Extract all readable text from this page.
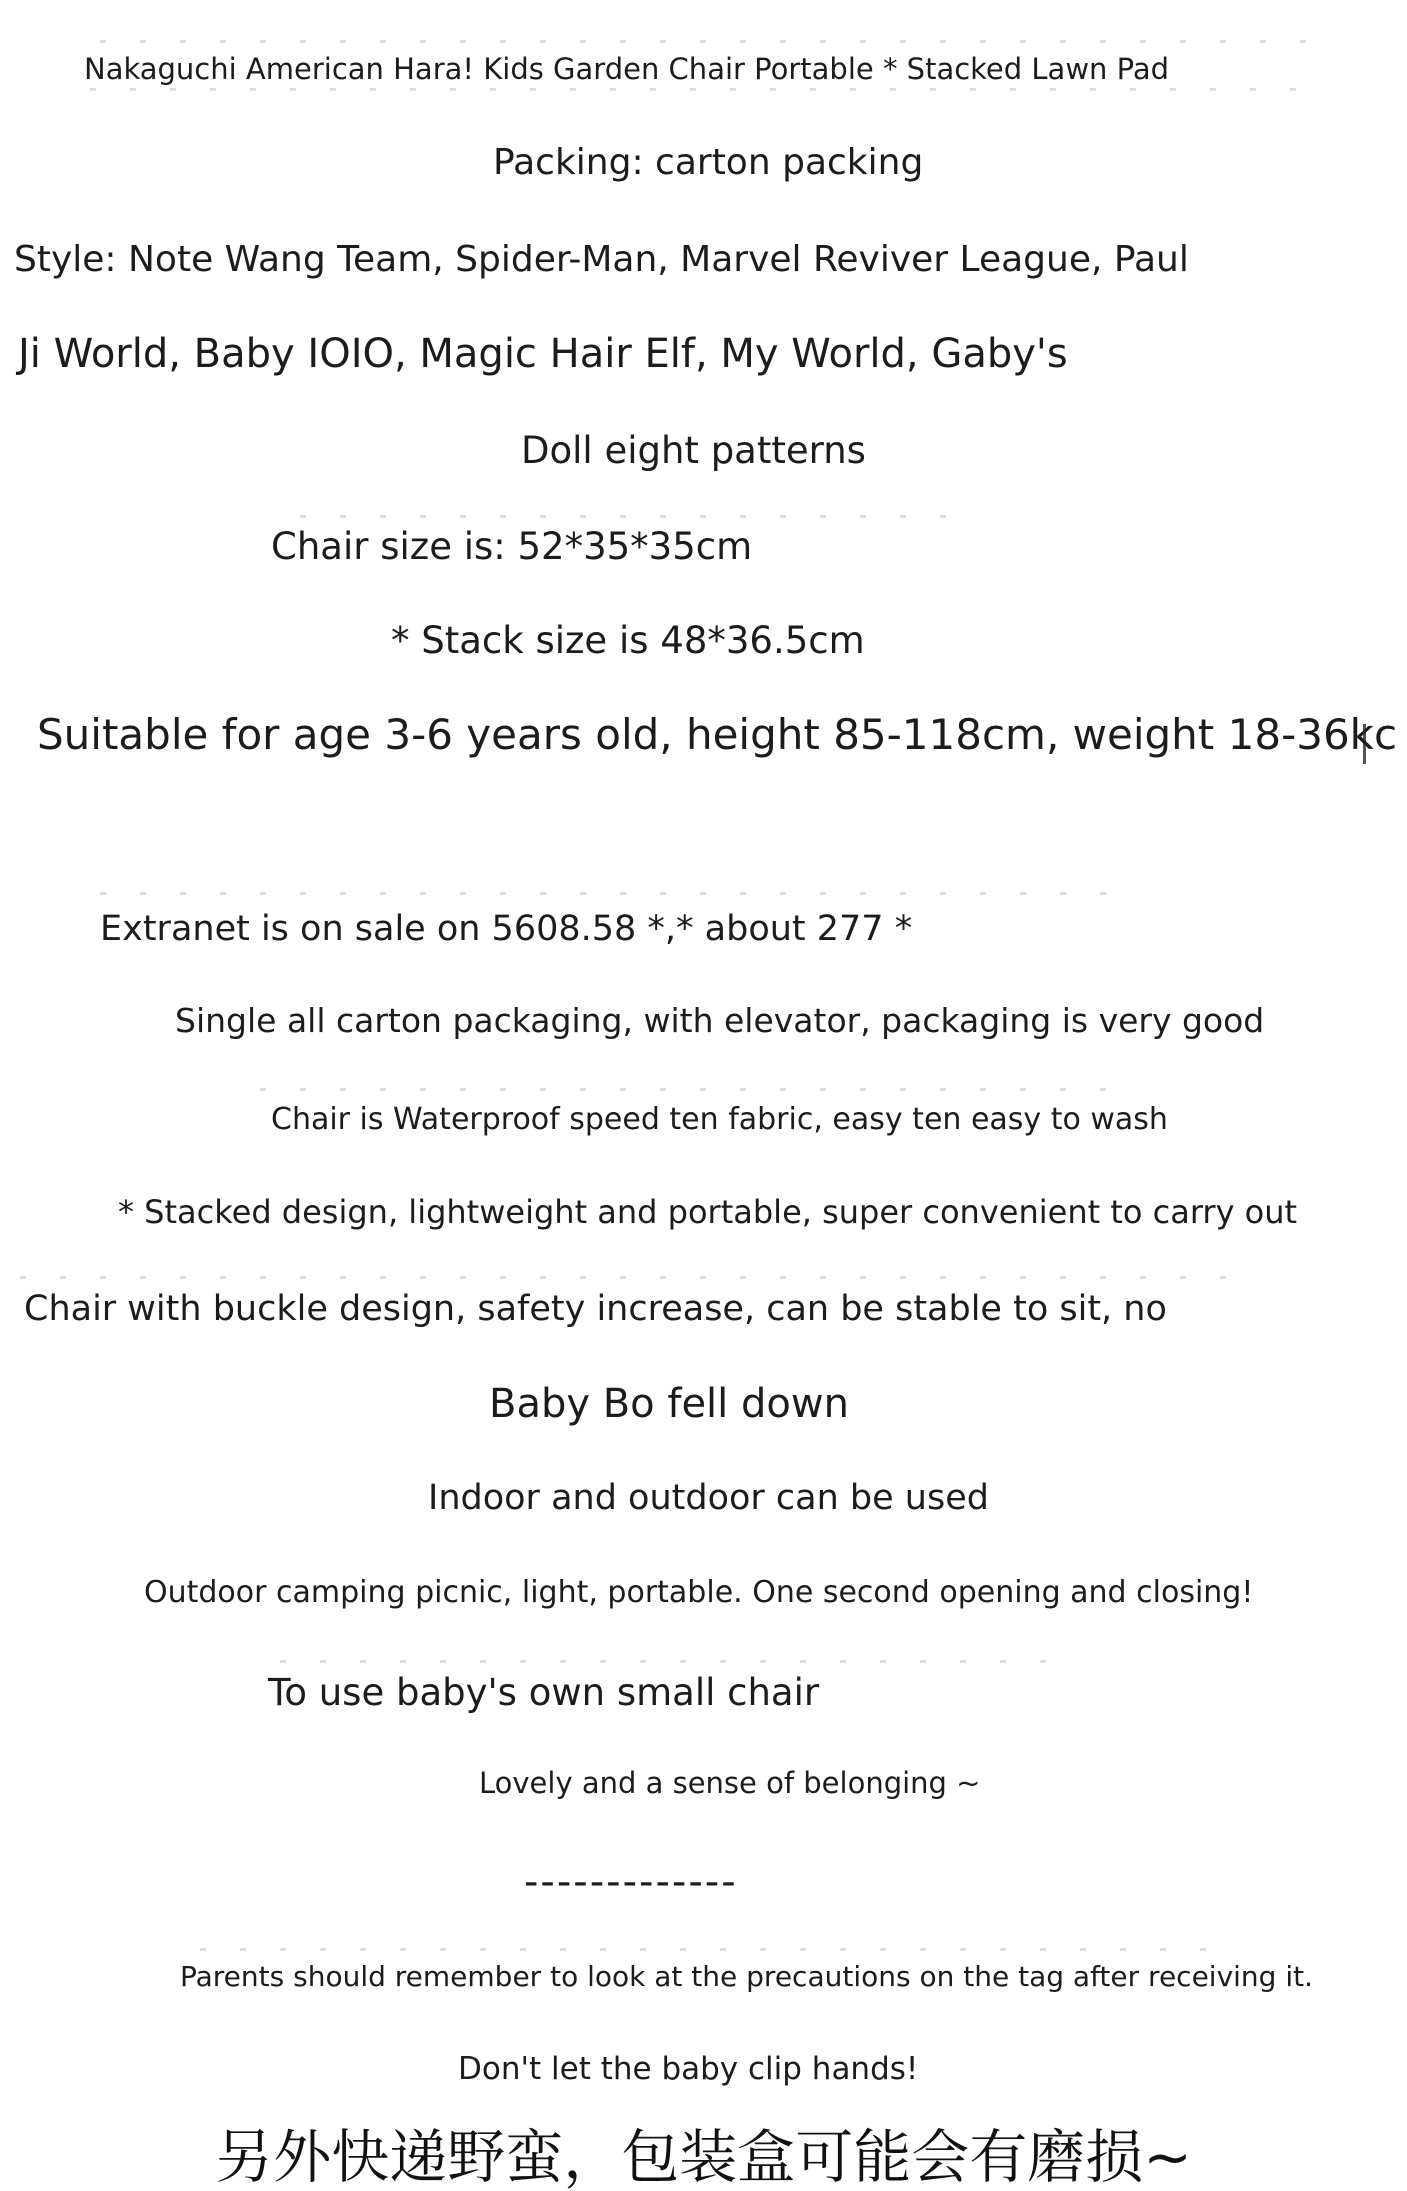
Nakaguchi American Hara! Kids Garden Chair Portable * Stacked Lawn Pad
Packing: carton packing
Style: Note Wang Team, Spider-Man, Marvel Reviver League, Paul
Ji World, Baby IOIO, Magic Hair Elf, My World, Gaby's
Doll eight patterns
Chair size is: 52*35*35cm
* Stack size is 48*36.5cm
Suitable for age 3-6 years old, height 85-118cm, weight 18-36kc
Extranet is on sale on 5608.58 *,* about 277 *
Single all carton packaging, with elevator, packaging is very good
Chair is Waterproof speed ten fabric, easy ten easy to wash
* Stacked design, lightweight and portable, super convenient to carry out
Chair with buckle design, safety increase, can be stable to sit, no
Baby Bo fell down
Indoor and outdoor can be used
Outdoor camping picnic, light, portable. One second opening and closing!
To use baby's own small chair
Lovely and a sense of belonging ~
-------------
Parents should remember to look at the precautions on the tag after receiving it.
Don't let the baby clip hands!
另外快递野蛮，包装盒可能会有磨损~
